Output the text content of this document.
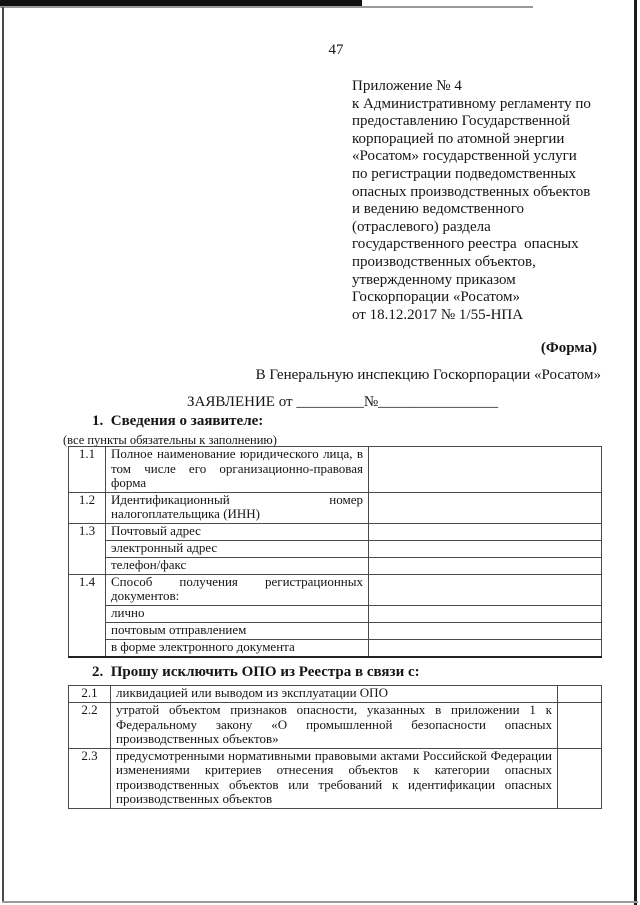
47
Приложение № 4
к Административному регламенту по
предоставлению Государственной
корпорацией по атомной энергии
«Росатом» государственной услуги
по регистрации подведомственных
опасных производственных объектов
и ведению ведомственного
(отраслевого) раздела
государственного реестра  опасных
производственных объектов,
утвержденному приказом
Госкорпорации «Росатом»
от 18.12.2017 № 1/55-НПА
(Форма)
В Генеральную инспекцию Госкорпорации «Росатом»
ЗАЯВЛЕНИЕ от _________№________________
1.  Сведения о заявителе:
(все пункты обязательны к заполнению)
1.1	Полное наименование юридического лица, в том числе его организационно-правовая форма	
1.2	Идентификационный номер налогоплательщика (ИНН)	
1.3	Почтовый адрес	
	электронный адрес	
	телефон/факс	
1.4	Способ получения регистрационных документов:	
	лично	
	почтовым отправлением	
	в форме электронного документа	
2.  Прошу исключить ОПО из Реестра в связи с:
2.1	ликвидацией или выводом из эксплуатации ОПО	
2.2	утратой объектом признаков опасности, указанных в приложении 1 к Федеральному закону «О промышленной безопасности опасных производственных объектов»	
2.3	предусмотренными нормативными правовыми актами Российской Федерации изменениями критериев отнесения объектов к категории опасных производственных объектов или требований к идентификации опасных производственных объектов	
